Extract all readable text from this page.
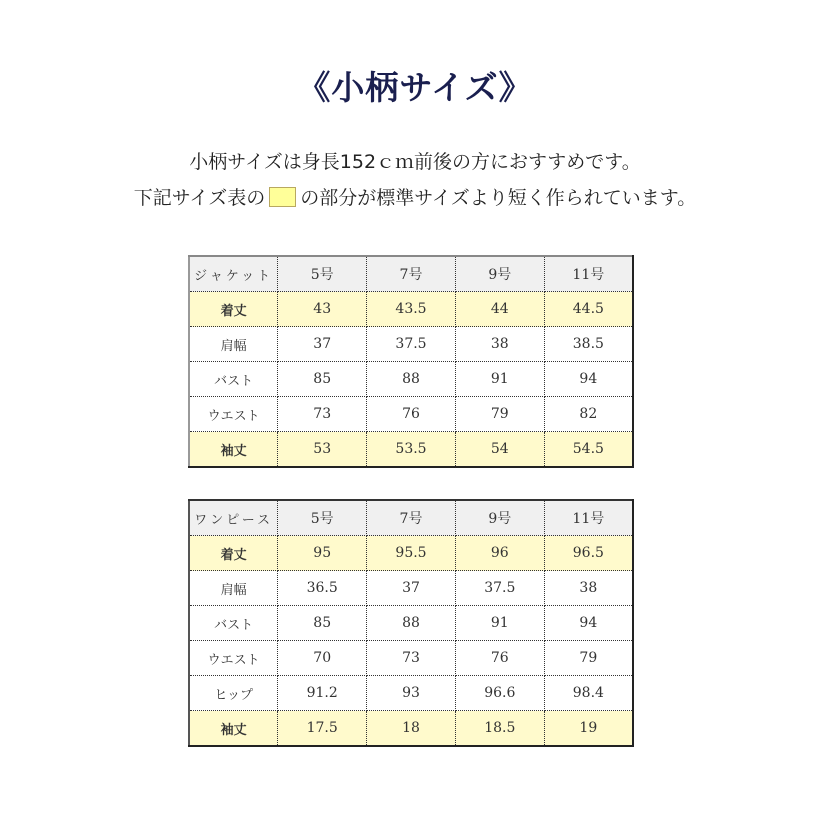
《小柄サイズ》
小柄サイズは身長152ｃｍ前後の方におすすめです。
下記サイズ表の の部分が標準サイズより短く作られています。
ジャケット	5号	7号	9号	11号
着丈	43	43.5	44	44.5
肩幅	37	37.5	38	38.5
バスト	85	88	91	94
ウエスト	73	76	79	82
袖丈	53	53.5	54	54.5
ワンピース	5号	7号	9号	11号
着丈	95	95.5	96	96.5
肩幅	36.5	37	37.5	38
バスト	85	88	91	94
ウエスト	70	73	76	79
ヒップ	91.2	93	96.6	98.4
袖丈	17.5	18	18.5	19
